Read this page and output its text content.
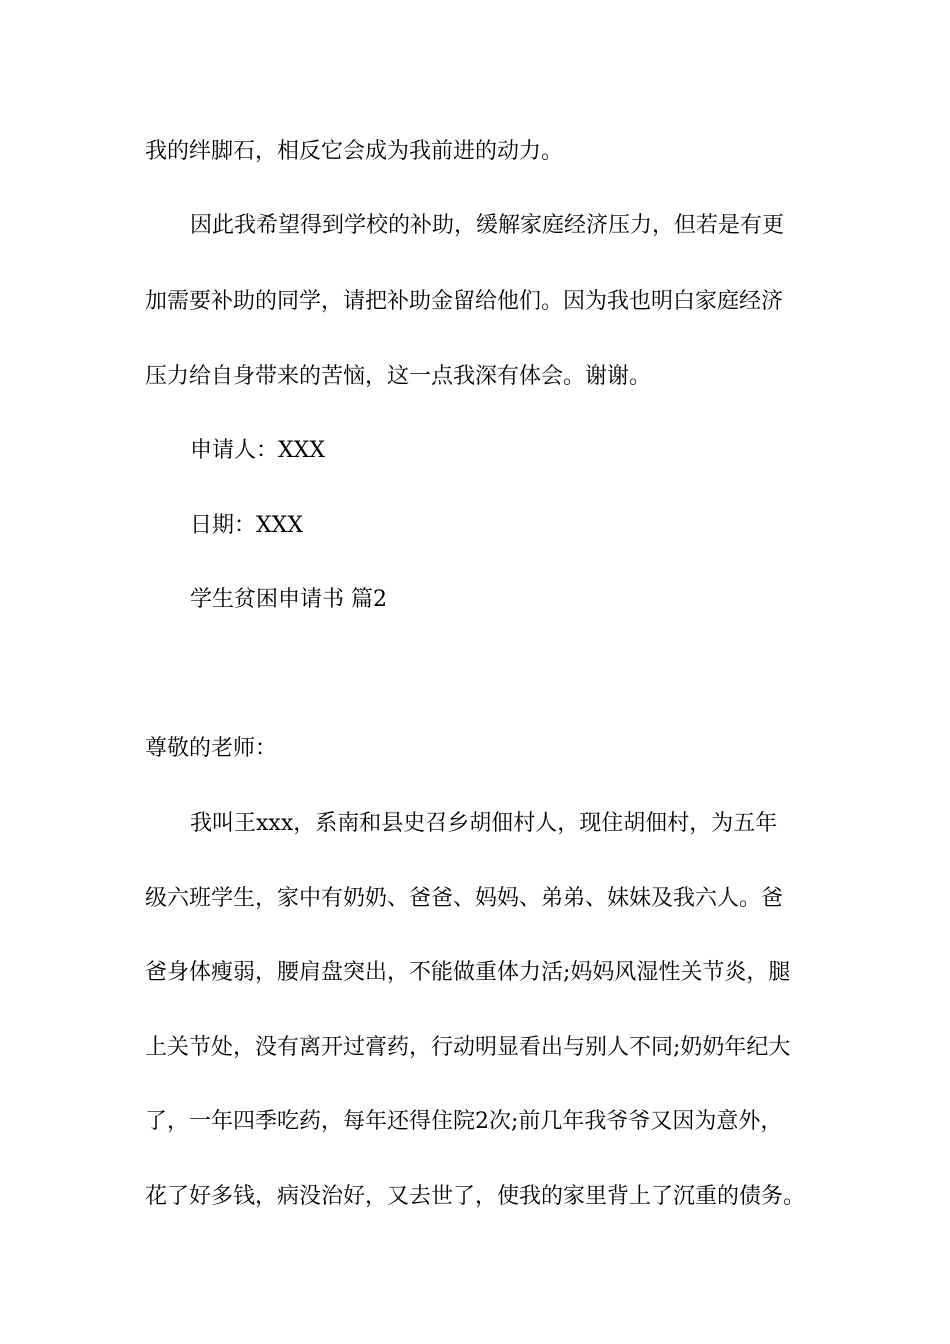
我的绊脚石，相反它会成为我前进的动力。
因此我希望得到学校的补助，缓解家庭经济压力，但若是有更
加需要补助的同学，请把补助金留给他们。因为我也明白家庭经济
压力给自身带来的苦恼，这一点我深有体会。谢谢。
申请人：XXX
日期：XXX
学生贫困申请书 篇2
尊敬的老师：
我叫王xxx，系南和县史召乡胡佃村人，现住胡佃村，为五年
级六班学生，家中有奶奶、爸爸、妈妈、弟弟、妹妹及我六人。爸
爸身体瘦弱，腰肩盘突出，不能做重体力活;妈妈风湿性关节炎，腿
上关节处，没有离开过膏药，行动明显看出与别人不同;奶奶年纪大
了，一年四季吃药，每年还得住院2次;前几年我爷爷又因为意外，
花了好多钱，病没治好，又去世了，使我的家里背上了沉重的债务。
